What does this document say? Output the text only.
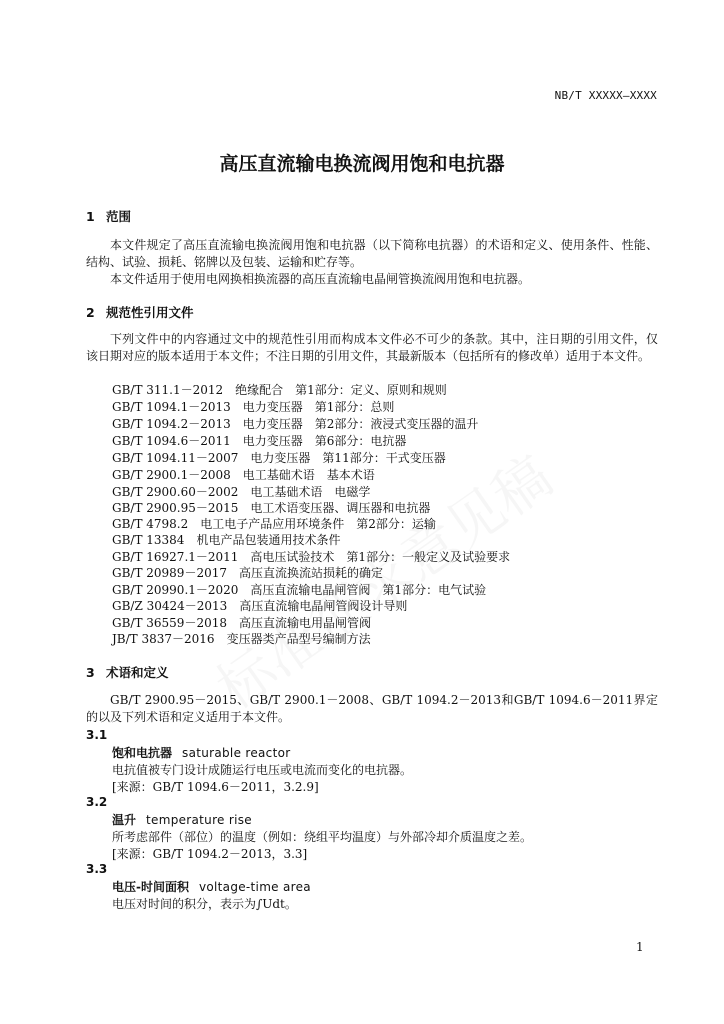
NB/T XXXXX—XXXX
高压直流输电换流阀用饱和电抗器
1 范围
本文件规定了高压直流输电换流阀用饱和电抗器（以下简称电抗器）的术语和定义、使用条件、性能、结构、试验、损耗、铭牌以及包装、运输和贮存等。
本文件适用于使用电网换相换流器的高压直流输电晶闸管换流阀用饱和电抗器。
2 规范性引用文件
下列文件中的内容通过文中的规范性引用而构成本文件必不可少的条款。其中，注日期的引用文件，仅该日期对应的版本适用于本文件；不注日期的引用文件，其最新版本（包括所有的修改单）适用于本文件。
GB/T 311.1－2012　绝缘配合　第1部分：定义、原则和规则
GB/T 1094.1－2013　电力变压器　第1部分：总则
GB/T 1094.2－2013　电力变压器　第2部分：液浸式变压器的温升
GB/T 1094.6－2011　电力变压器　第6部分：电抗器
GB/T 1094.11－2007　电力变压器　第11部分：干式变压器
GB/T 2900.1－2008　电工基础术语　基本术语
GB/T 2900.60－2002　电工基础术语　电磁学
GB/T 2900.95－2015　电工术语变压器、调压器和电抗器
GB/T 4798.2　电工电子产品应用环境条件　第2部分：运输
GB/T 13384　机电产品包装通用技术条件
GB/T 16927.1－2011　高电压试验技术　第1部分：一般定义及试验要求
GB/T 20989－2017　高压直流换流站损耗的确定
GB/T 20990.1－2020　高压直流输电晶闸管阀　第1部分：电气试验
GB/Z 30424－2013　高压直流输电晶闸管阀设计导则
GB/T 36559－2018　高压直流输电用晶闸管阀
JB/T 3837－2016　变压器类产品型号编制方法
3 术语和定义
GB/T 2900.95－2015、GB/T 2900.1－2008、GB/T 1094.2－2013和GB/T 1094.6－2011界定的以及下列术语和定义适用于本文件。
3.1
饱和电抗器 saturable reactor
电抗值被专门设计成随运行电压或电流而变化的电抗器。
[来源：GB/T 1094.6－2011，3.2.9]
3.2
温升 temperature rise
所考虑部件（部位）的温度（例如：绕组平均温度）与外部冷却介质温度之差。
[来源：GB/T 1094.2－2013，3.3]
3.3
电压-时间面积 voltage-time area
电压对时间的积分，表示为∫Udt。
1
